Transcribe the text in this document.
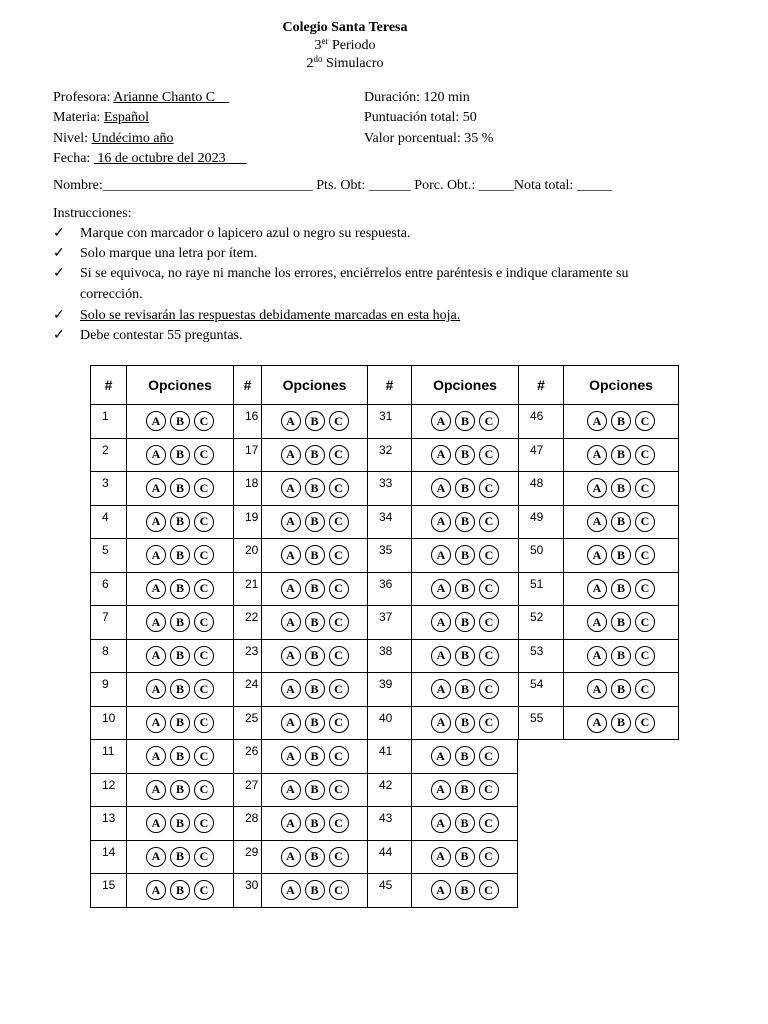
Colegio Santa Teresa
3er Periodo
$2^{do}$ Simulacro
Profesora: Arianne Chanto C
Materia: Español
Nivel: Undécimo año
Fecha:  16 de octubre del 2023
Duración: 120 min
Puntuación total: 50
Valor porcentual: 35 %
Nombre:______________________________ Pts. Obt: ______ Porc. Obt.: _____Nota total: _____
Instrucciones:
✓	Marque con marcador o lapicero azul o negro su respuesta.
✓	Solo marque una letra por ítem.
✓	Si se equivoca, no raye ni manche los errores, enciérrelos entre paréntesis e indique claramente su
corrección.
✓	Solo se revisarán las respuestas debidamente marcadas en esta hoja.
✓	Debe contestar 55 preguntas.
#	Opciones
1	A	B	C
2	A	B	C
3	A	B	C
4	A	B	C
5	A	B	C
6	A	B	C
7	A	B	C
8	A	B	C
9	A	B	C
10	A	B	C
11	A	B	C
12	A	B	C
13	A	B	C
14	A	B	C
15	A	B	C
#	Opciones
16	A	B	C
17	A	B	C
18	A	B	C
19	A	B	C
20	A	B	C
21	A	B	C
22	A	B	C
23	A	B	C
24	A	B	C
25	A	B	C
26	A	B	C
27	A	B	C
28	A	B	C
29	A	B	C
30	A	B	C
#	Opciones
31	A	B	C
32	A	B	C
33	A	B	C
34	A	B	C
35	A	B	C
36	A	B	C
37	A	B	C
38	A	B	C
39	A	B	C
40	A	B	C
41	A	B	C
42	A	B	C
43	A	B	C
44	A	B	C
45	A	B	C
#	Opciones
46	A	B	C
47	A	B	C
48	A	B	C
49	A	B	C
50	A	B	C
51	A	B	C
52	A	B	C
53	A	B	C
54	A	B	C
55	A	B	C
